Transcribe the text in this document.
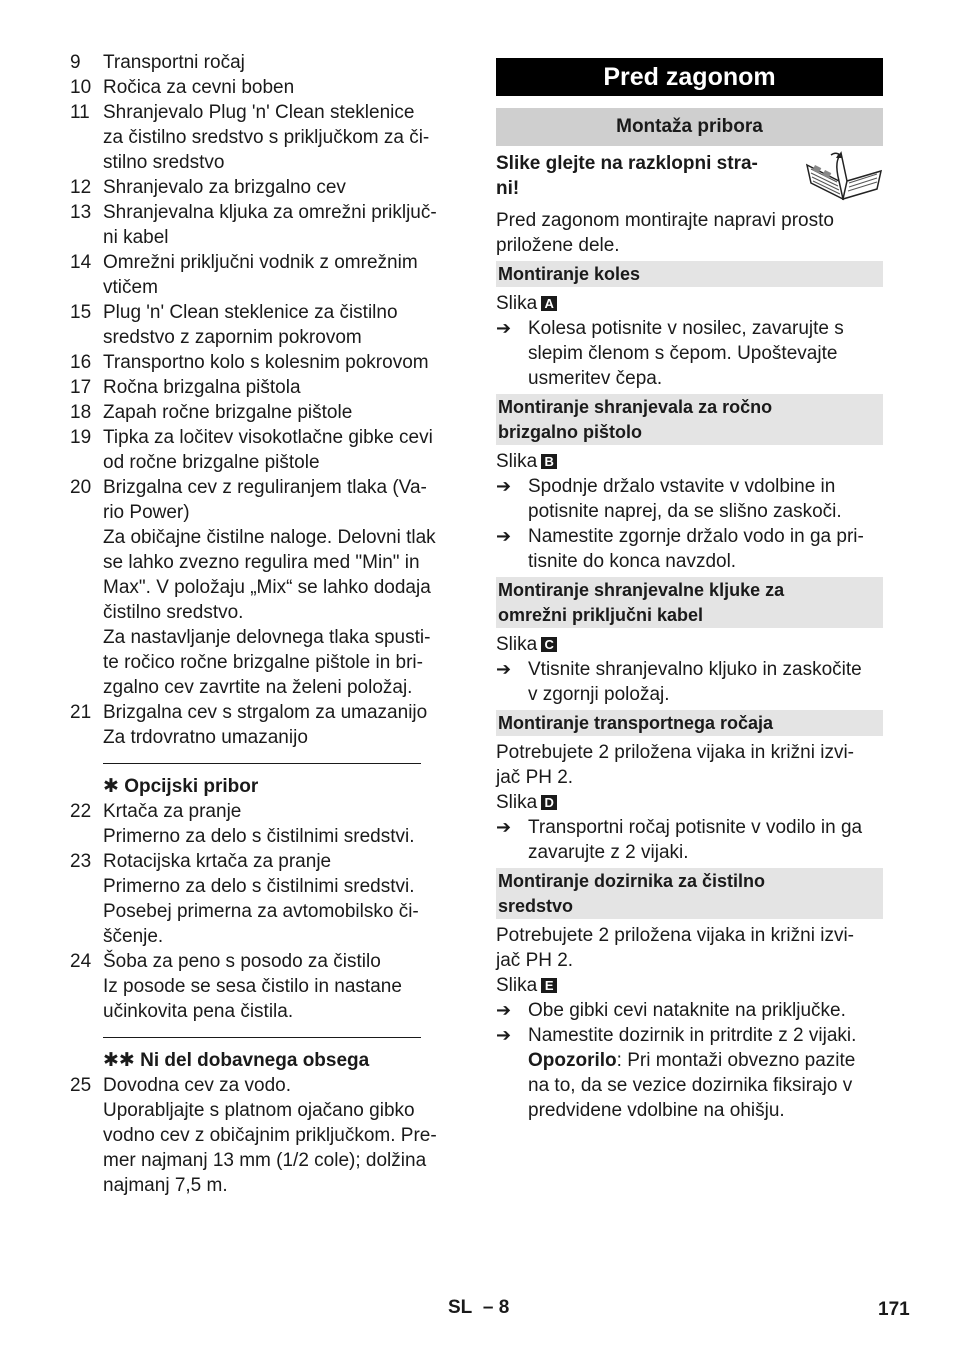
9	Transportni ročaj
10 Ročica za cevni boben
11 Shranjevalo Plug 'n' Clean steklenice
za čistilno sredstvo s priključkom za či-
stilno sredstvo
12 Shranjevalo za brizgalno cev
13 Shranjevalna kljuka za omrežni priključ-
ni kabel
14 Omrežni priključni vodnik z omrežnim
vtičem
15 Plug 'n' Clean steklenice za čistilno
sredstvo z zapornim pokrovom
16 Transportno kolo s kolesnim pokrovom
17 Ročna brizgalna pištola
18 Zapah ročne brizgalne pištole
19 Tipka za ločitev visokotlačne gibke cevi
od ročne brizgalne pištole
20 Brizgalna cev z reguliranjem tlaka (Va-
rio Power)
Za običajne čistilne naloge. Delovni tlak
se lahko zvezno regulira med "Min" in
Max". V položaju „Mix“ se lahko dodaja
čistilno sredstvo.
Za nastavljanje delovnega tlaka spusti-
te ročico ročne brizgalne pištole in bri-
zgalno cev zavrtite na želeni položaj.
21 Brizgalna cev s strgalom za umazanijo
Za trdovratno umazanijo
✱ Opcijski pribor
22 Krtača za pranje
Primerno za delo s čistilnimi sredstvi.
23 Rotacijska krtača za pranje
Primerno za delo s čistilnimi sredstvi.
Posebej primerna za avtomobilsko či-
ščenje.
24 Šoba za peno s posodo za čistilo
Iz posode se sesa čistilo in nastane
učinkovita pena čistila.
✱✱ Ni del dobavnega obsega
25 Dovodna cev za vodo.
Uporabljajte s platnom ojačano gibko
vodno cev z običajnim priključkom. Pre-
mer najmanj 13 mm (1/2 cole); dolžina
najmanj 7,5 m.
Pred zagonom
Montaža pribora
Slike glejte na razklopni stra-
ni!
Pred zagonom montirajte napravi prosto
priložene dele.
Montiranje koles
Slika A
➔ Kolesa potisnite v nosilec, zavarujte s
slepim členom s čepom. Upoštevajte
usmeritev čepa.
Montiranje shranjevala za ročno
brizgalno pištolo
Slika B
➔ Spodnje držalo vstavite v vdolbine in
potisnite naprej, da se slišno zaskoči.
➔ Namestite zgornje držalo vodo in ga pri-
tisnite do konca navzdol.
Montiranje shranjevalne kljuke za
omrežni priključni kabel
Slika C
➔ Vtisnite shranjevalno kljuko in zaskočite
v zgornji položaj.
Montiranje transportnega ročaja
Potrebujete 2 priložena vijaka in križni izvi-
jač PH 2.
Slika D
➔ Transportni ročaj potisnite v vodilo in ga
zavarujte z 2 vijaki.
Montiranje dozirnika za čistilno
sredstvo
Potrebujete 2 priložena vijaka in križni izvi-
jač PH 2.
Slika E
➔ Obe gibki cevi nataknite na priključke.
➔ Namestite dozirnik in pritrdite z 2 vijaki.
Opozorilo: Pri montaži obvezno pazite
na to, da se vezice dozirnika fiksirajo v
predvidene vdolbine na ohišju.
SL – 8	171
